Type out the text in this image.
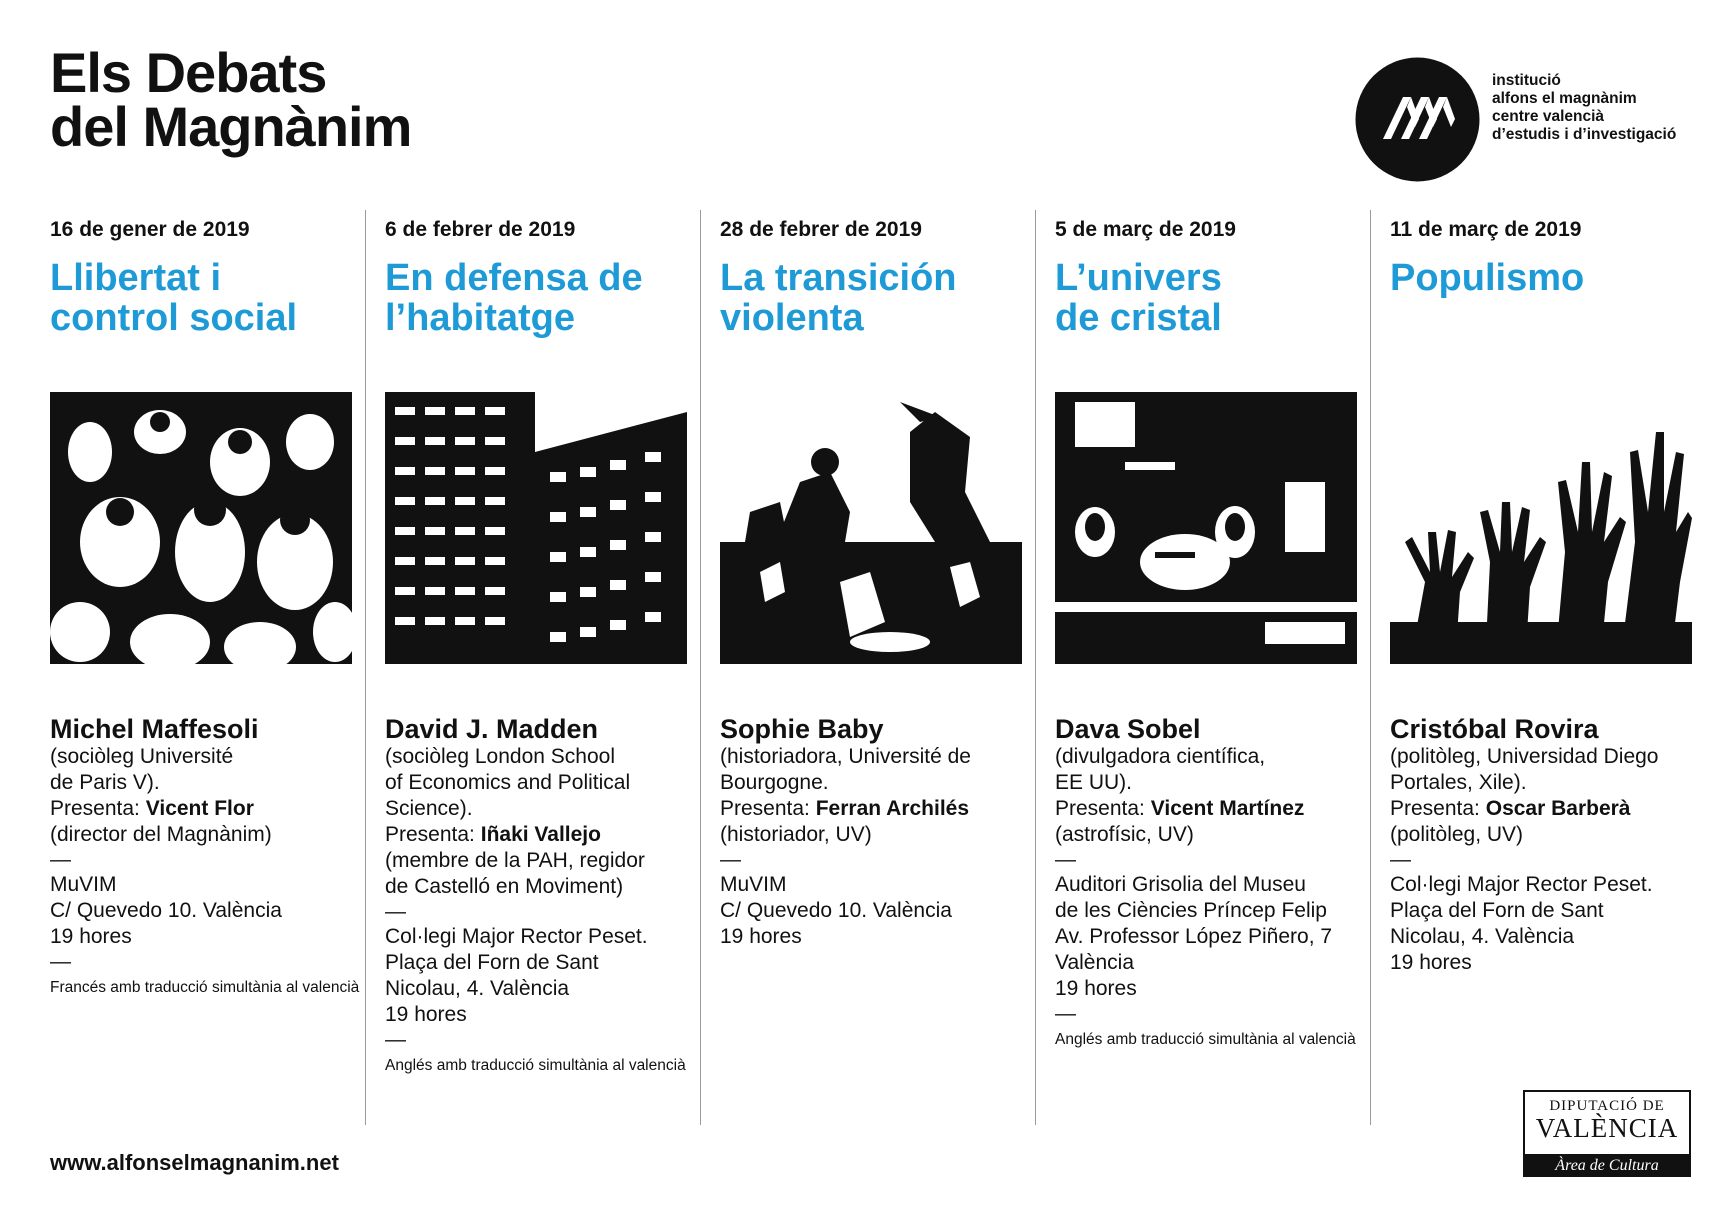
Els Debats
del Magnànim
institució
alfons el magnànim
centre valencià
d’estudis i d’investigació
16 de gener de 2019
Llibertat i
control social
Michel Maffesoli
(sociòleg Université
de Paris V).
Presenta: Vicent Flor
(director del Magnànim)
—
MuVIM
C/ Quevedo 10. València
19 hores
—
Francés amb traducció simultània al valencià
6 de febrer de 2019
En defensa de
l’habitatge
David J. Madden
(sociòleg London School
of Economics and Political
Science).
Presenta: Iñaki Vallejo
(membre de la PAH, regidor
de Castelló en Moviment)
—
Col·legi Major Rector Peset.
Plaça del Forn de Sant
Nicolau, 4. València
19 hores
—
Anglés amb traducció simultània al valencià
28 de febrer de 2019
La transición
violenta
Sophie Baby
(historiadora, Université de
Bourgogne.
Presenta: Ferran Archilés
(historiador, UV)
—
MuVIM
C/ Quevedo 10. València
19 hores
5 de març de 2019
L’univers
de cristal
Dava Sobel
(divulgadora científica,
EE UU).
Presenta: Vicent Martínez
(astrofísic, UV)
—
Auditori Grisolia del Museu
de les Ciències Príncep Felip
Av. Professor López Piñero, 7
València
19 hores
—
Anglés amb traducció simultània al valencià
11 de març de 2019
Populismo
Cristóbal Rovira
(politòleg, Universidad Diego
Portales, Xile).
Presenta: Oscar Barberà
(politòleg, UV)
—
Col·legi Major Rector Peset.
Plaça del Forn de Sant
Nicolau, 4. València
19 hores
www.alfonselmagnanim.net
DIPUTACIÓ DE
VALÈNCIA
Àrea de Cultura
